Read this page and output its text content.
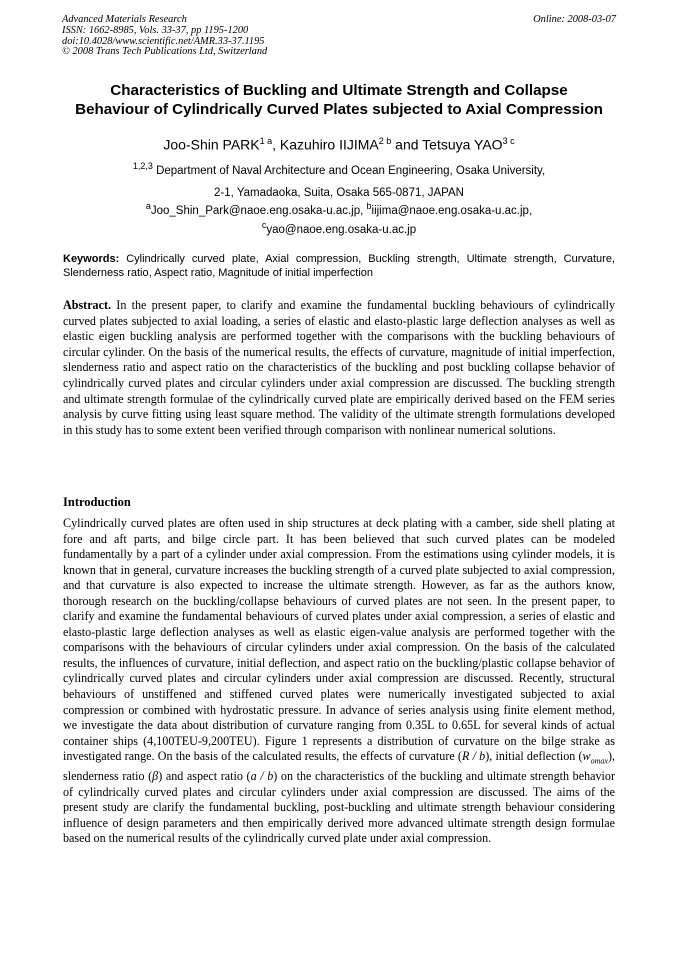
Advanced Materials Research
ISSN: 1662-8985, Vols. 33-37, pp 1195-1200
doi:10.4028/www.scientific.net/AMR.33-37.1195
© 2008 Trans Tech Publications Ltd, Switzerland
Online: 2008-03-07
Characteristics of Buckling and Ultimate Strength and Collapse
Behaviour of Cylindrically Curved Plates subjected to Axial Compression
Joo-Shin $PARK^{1 a}$, Kazuhiro $IIJIMA^{2 b}$ and Tetsuya $YAO^{3 c}$
$^{1,2,3}$ Department of Naval Architecture and Ocean Engineering, Osaka University,
2-1, Yamadaoka, Suita, Osaka 565-0871, JAPAN
$^a$Joo_Shin_Park@naoe.eng.osaka-u.ac.jp, $^b$iijima@naoe.eng.osaka-u.ac.jp,
$^c$yao@naoe.eng.osaka-u.ac.jp
Keywords: Cylindrically curved plate, Axial compression, Buckling strength, Ultimate strength, Curvature, Slenderness ratio, Aspect ratio, Magnitude of initial imperfection
Abstract. In the present paper, to clarify and examine the fundamental buckling behaviours of cylindrically curved plates subjected to axial loading, a series of elastic and elasto-plastic large deflection analyses as well as elastic eigen buckling analysis are performed together with the comparisons with the buckling behaviours of circular cylinder. On the basis of the numerical results, the effects of curvature, magnitude of initial imperfection, slenderness ratio and aspect ratio on the characteristics of the buckling and post buckling collapse behavior of cylindrically curved plates and circular cylinders under axial compression are discussed. The buckling strength and ultimate strength formulae of the cylindrically curved plate are empirically derived based on the FEM series analysis by curve fitting using least square method. The validity of the ultimate strength formulations developed in this study has to some extent been verified through comparison with nonlinear numerical solutions.
Introduction
Cylindrically curved plates are often used in ship structures at deck plating with a camber, side shell plating at fore and aft parts, and bilge circle part. It has been believed that such curved plates can be modeled fundamentally by a part of a cylinder under axial compression. From the estimations using cylinder models, it is known that in general, curvature increases the buckling strength of a curved plate subjected to axial compression, and that curvature is also expected to increase the ultimate strength. However, as far as the authors know, thorough research on the buckling/collapse behaviours of curved plates are not seen. In the present paper, to clarify and examine the fundamental behaviours of curved plates under axial compression, a series of elastic and elasto-plastic large deflection analyses as well as elastic eigen-value analysis are performed together with the comparisons with the behaviours of circular cylinders under axial compression. On the basis of the calculated results, the influences of curvature, initial deflection, and aspect ratio on the buckling/plastic collapse behavior of cylindrically curved plates and circular cylinders under axial compression are discussed. Recently, structural behaviours of unstiffened and stiffened curved plates were numerically investigated subjected to axial compression or combined with hydrostatic pressure. In advance of series analysis using finite element method, we investigate the data about distribution of curvature ranging from 0.35L to 0.65L for several kinds of actual container ships (4,100TEU-9,200TEU). Figure 1 represents a distribution of curvature on the bilge strake as investigated range. On the basis of the calculated results, the effects of curvature (R / b), initial deflection $(w_{omax})$, slenderness ratio (β) and aspect ratio (a / b) on the characteristics of the buckling and ultimate strength behavior of cylindrically curved plates and circular cylinders under axial compression are discussed. The aims of the present study are clarify the fundamental buckling, post-buckling and ultimate strength behaviour considering influence of design parameters and then empirically derived more advanced ultimate strength design formulae based on the numerical results of the cylindrically curved plate under axial compression.
